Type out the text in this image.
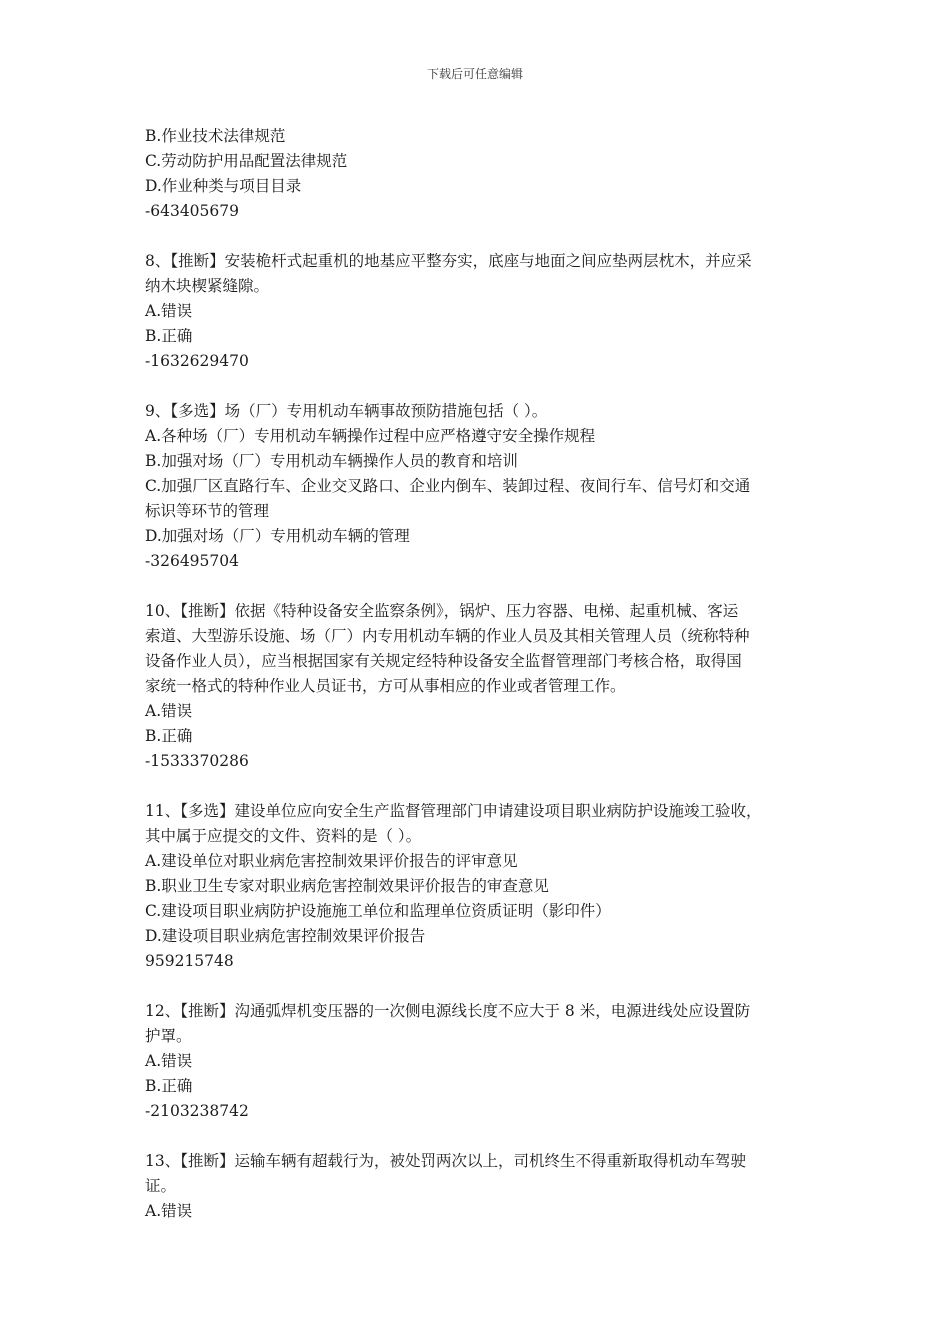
下载后可任意编辑
B.作业技术法律规范
C.劳动防护用品配置法律规范
D.作业种类与项目目录
-643405679
8、【推断】安装桅杆式起重机的地基应平整夯实，底座与地面之间应垫两层枕木，并应采
纳木块楔紧缝隙。
A.错误
B.正确
-1632629470
9、【多选】场（厂）专用机动车辆事故预防措施包括（ ）。
A.各种场（厂）专用机动车辆操作过程中应严格遵守安全操作规程
B.加强对场（厂）专用机动车辆操作人员的教育和培训
C.加强厂区直路行车、企业交叉路口、企业内倒车、装卸过程、夜间行车、信号灯和交通
标识等环节的管理
D.加强对场（厂）专用机动车辆的管理
-326495704
10、【推断】依据《特种设备安全监察条例》，锅炉、压力容器、电梯、起重机械、客运
索道、大型游乐设施、场（厂）内专用机动车辆的作业人员及其相关管理人员（统称特种
设备作业人员），应当根据国家有关规定经特种设备安全监督管理部门考核合格，取得国
家统一格式的特种作业人员证书，方可从事相应的作业或者管理工作。
A.错误
B.正确
-1533370286
11、【多选】建设单位应向安全生产监督管理部门申请建设项目职业病防护设施竣工验收，
其中属于应提交的文件、资料的是（ ）。
A.建设单位对职业病危害控制效果评价报告的评审意见
B.职业卫生专家对职业病危害控制效果评价报告的审查意见
C.建设项目职业病防护设施施工单位和监理单位资质证明（影印件）
D.建设项目职业病危害控制效果评价报告
959215748
12、【推断】沟通弧焊机变压器的一次侧电源线长度不应大于 8 米，电源进线处应设置防
护罩。
A.错误
B.正确
-2103238742
13、【推断】运输车辆有超载行为，被处罚两次以上，司机终生不得重新取得机动车驾驶
证。
A.错误
